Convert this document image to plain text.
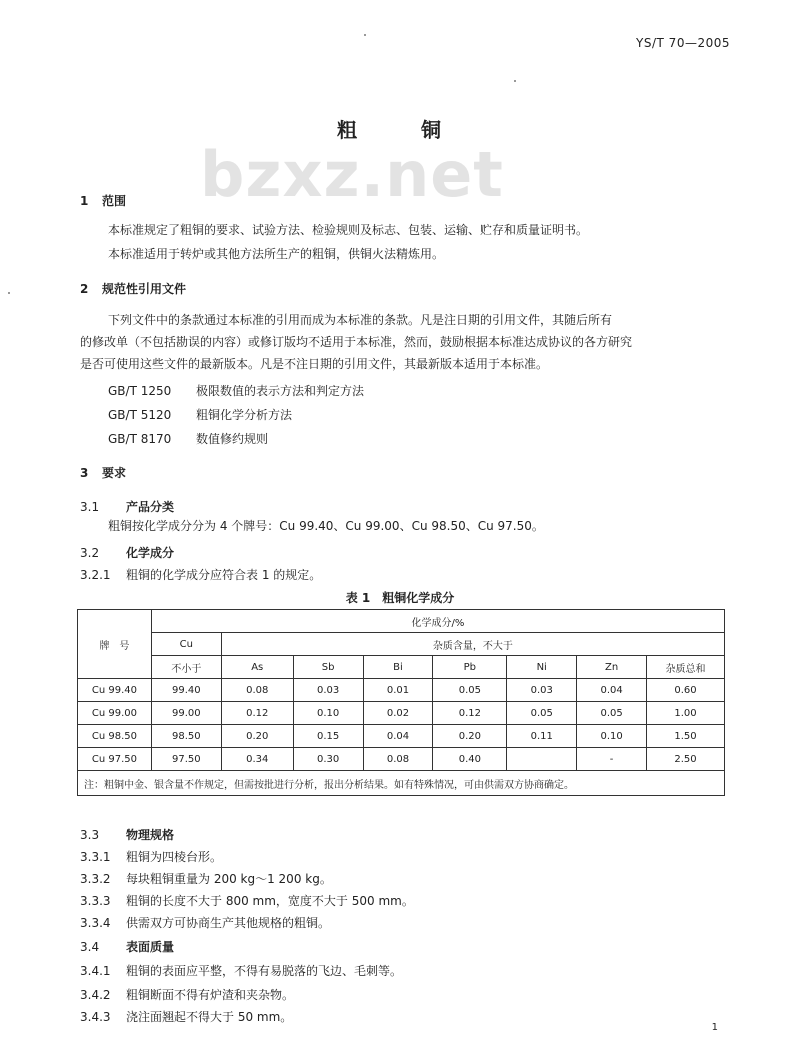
YS/T 70—2005
粗　铜
bzxz.net
1 范围
本标准规定了粗铜的要求、试验方法、检验规则及标志、包装、运输、贮存和质量证明书。
本标准适用于转炉或其他方法所生产的粗铜，供铜火法精炼用。
2 规范性引用文件
下列文件中的条款通过本标准的引用而成为本标准的条款。凡是注日期的引用文件，其随后所有
的修改单（不包括勘误的内容）或修订版均不适用于本标准，然而，鼓励根据本标准达成协议的各方研究
是否可使用这些文件的最新版本。凡是不注日期的引用文件，其最新版本适用于本标准。
GB/T 1250 极限数值的表示方法和判定方法
GB/T 5120 粗铜化学分析方法
GB/T 8170 数值修约规则
3 要求
3.1 产品分类
粗铜按化学成分分为 4 个牌号：Cu 99.40、Cu 99.00、Cu 98.50、Cu 97.50。
3.2 化学成分
3.2.1 粗铜的化学成分应符合表 1 的规定。
表 1　粗铜化学成分
牌　号	化学成分/%							
	Cu	杂质含量，不大于						
	不小于	As	Sb	Bi	Pb	Ni	Zn	杂质总和
Cu 99.40	99.40	0.08	0.03	0.01	0.05	0.03	0.04	0.60
Cu 99.00	99.00	0.12	0.10	0.02	0.12	0.05	0.05	1.00
Cu 98.50	98.50	0.20	0.15	0.04	0.20	0.11	0.10	1.50
Cu 97.50	97.50	0.34	0.30	0.08	0.40		-	2.50
注：粗铜中金、银含量不作规定，但需按批进行分析，报出分析结果。如有特殊情况，可由供需双方协商确定。								
3.3 物理规格
3.3.1 粗铜为四棱台形。
3.3.2 每块粗铜重量为 200 kg～1 200 kg。
3.3.3 粗铜的长度不大于 800 mm，宽度不大于 500 mm。
3.3.4 供需双方可协商生产其他规格的粗铜。
3.4 表面质量
3.4.1 粗铜的表面应平整，不得有易脱落的飞边、毛刺等。
3.4.2 粗铜断面不得有炉渣和夹杂物。
3.4.3 浇注面翘起不得大于 50 mm。
1
